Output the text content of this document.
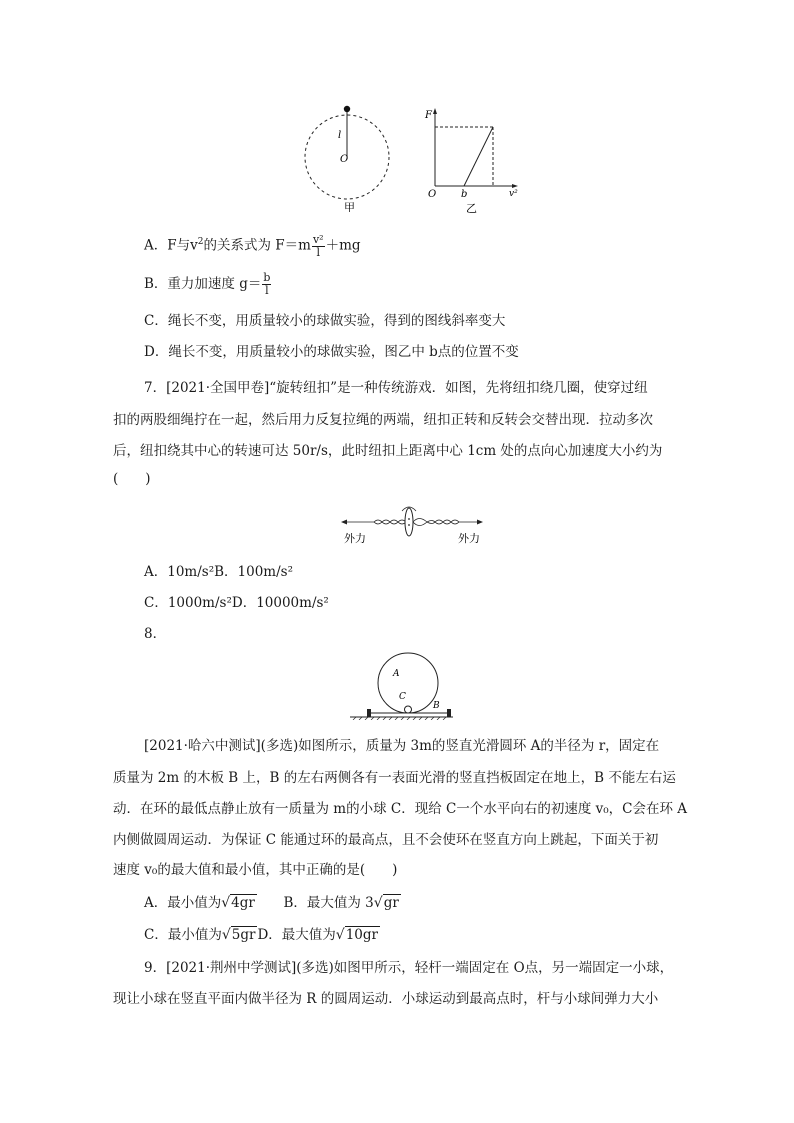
l
O
甲
F
O b	v²
乙
A．F与$v^2$的关系式为 $F=m \frac{\text{v²}}{l} +mg$
B．重力加速度 $g= \frac{b}{l}$
C．绳长不变，用质量较小的球做实验，得到的图线斜率变大
D．绳长不变，用质量较小的球做实验，图乙中 b点的位置不变
7．[2021·全国甲卷]“旋转纽扣”是一种传统游戏．如图，先将纽扣绕几圈，使穿过纽
扣的两股细绳拧在一起，然后用力反复拉绳的两端，纽扣正转和反转会交替出现．拉动多次
后，纽扣绕其中心的转速可达 50r/s，此时纽扣上距离中心 1cm 处的点向心加速度大小约为
(　　)
外力	外力
A．10m/s²B．100m/s²
C．1000m/s²D．10000m/s²
8．
A
C
B
[2021·哈六中测试](多选)如图所示，质量为 3m的竖直光滑圆环 A的半径为 r，固定在
质量为 2m 的木板 B 上，B 的左右两侧各有一表面光滑的竖直挡板固定在地上，B 不能左右运
动．在环的最低点静止放有一质量为 m的小球 C．现给 C一个水平向右的初速度 v₀，C会在环 A
内侧做圆周运动．为保证 C 能通过环的最高点，且不会使环在竖直方向上跳起，下面关于初
速度 v₀的最大值和最小值，其中正确的是(　　)
A．最小值为√4gr B．最大值为 3√gr
C．最小值为√5gr D．最大值为√10gr
9．[2021·荆州中学测试](多选)如图甲所示，轻杆一端固定在 O点，另一端固定一小球，
现让小球在竖直平面内做半径为 R 的圆周运动．小球运动到最高点时，杆与小球间弹力大小
